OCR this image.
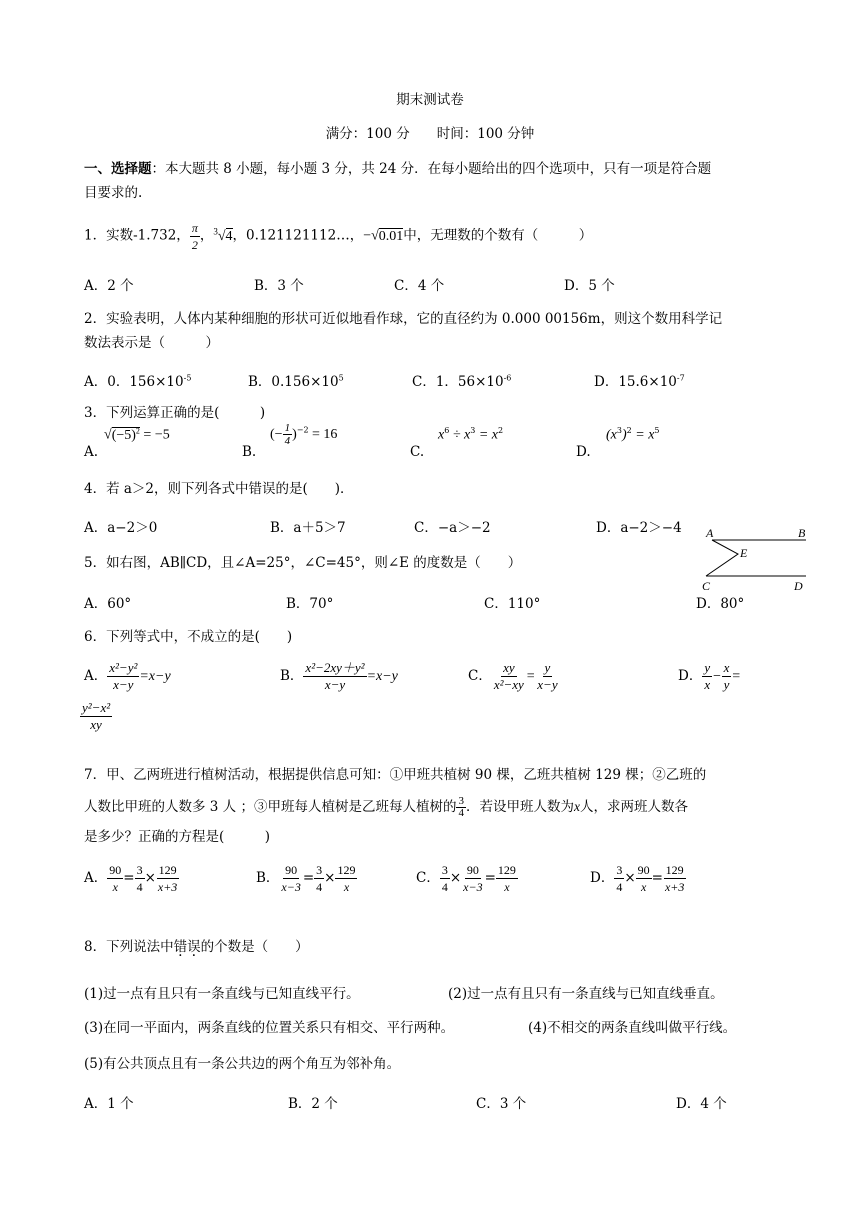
期末测试卷
满分：100 分　　时间：100 分钟
一、选择题：本大题共 8 小题，每小题 3 分，共 24 分．在每小题给出的四个选项中，只有一项是符合题
目要求的.
1．实数-1.732， $\frac{\pi}{2}$ ，$^3$√4，0.121121112…，−√0.01中，无理数的个数有（　　　）
A．2 个	B．3 个	C．4 个	D．5 个
2．实验表明，人体内某种细胞的形状可近似地看作球，它的直径约为 0.000 00156m，则这个数用科学记
数法表示是（　　　）
A．0．$156\times 10^{-5}$	B．$0.156\times 10^5$	C．1．$56\times 10^{-6}$	D．$15.6\times 10^{-7}$
3．下列运算正确的是(　　　)
$√(-5)^2 = -5$
A.
(− $\frac{1}{4} )^{-2} = 16$
B.
$x^6 \div x^3 = x^2$
C.
$(x^3)^2 = x^5$
D.
4．若 a＞2，则下列各式中错误的是(　　)．
A．a−2＞0	B．a＋5＞7	C．−a＞−2	D．a−2＞−4
5．如右图，AB∥CD，且∠A=25°，∠C=45°，则∠E 的度数是（　　）
A．60°	B．70°	C．110°	D．80°
A	B
E
C	D
6．下列等式中，不成立的是(　　)
A． $\frac{\text{x²−y²}}{x-y} =x-y$	B． $\frac{\text{x²−2xy＋y²}}{x-y} =x-y$	C． $\frac{xy}{\text{x²−xy}} = \frac{y}{x-y}$	D． $\frac{y}{x} - \frac{x}{y}$ =
$\frac{\text{y²−x²}}{xy}$
7．甲、乙两班进行植树活动，根据提供信息可知：①甲班共植树 90 棵，乙班共植树 129 棵；②乙班的
人数比甲班的人数多 3 人 ；③甲班每人植树是乙班每人植树的 $\frac{3}{4}$ ．若设甲班人数为x人，求两班人数各
是多少？正确的方程是(　　　)
A． $\frac{90}{x} = \frac{3}{4} \times \frac{129}{x+3}$	B． $\frac{90}{x-3} = \frac{3}{4} \times \frac{129}{x}$	C． $\frac{3}{4} \times \frac{90}{x-3} = \frac{129}{x}$	D． $\frac{3}{4} \times \frac{90}{x} = \frac{129}{x+3}$
8．下列说法中错误的个数是（　　）
(1)过一点有且只有一条直线与已知直线平行。	(2)过一点有且只有一条直线与已知直线垂直。
(3)在同一平面内，两条直线的位置关系只有相交、平行两种。	(4)不相交的两条直线叫做平行线。
(5)有公共顶点且有一条公共边的两个角互为邻补角。
A．1 个	B．2 个	C．3 个	D．4 个
